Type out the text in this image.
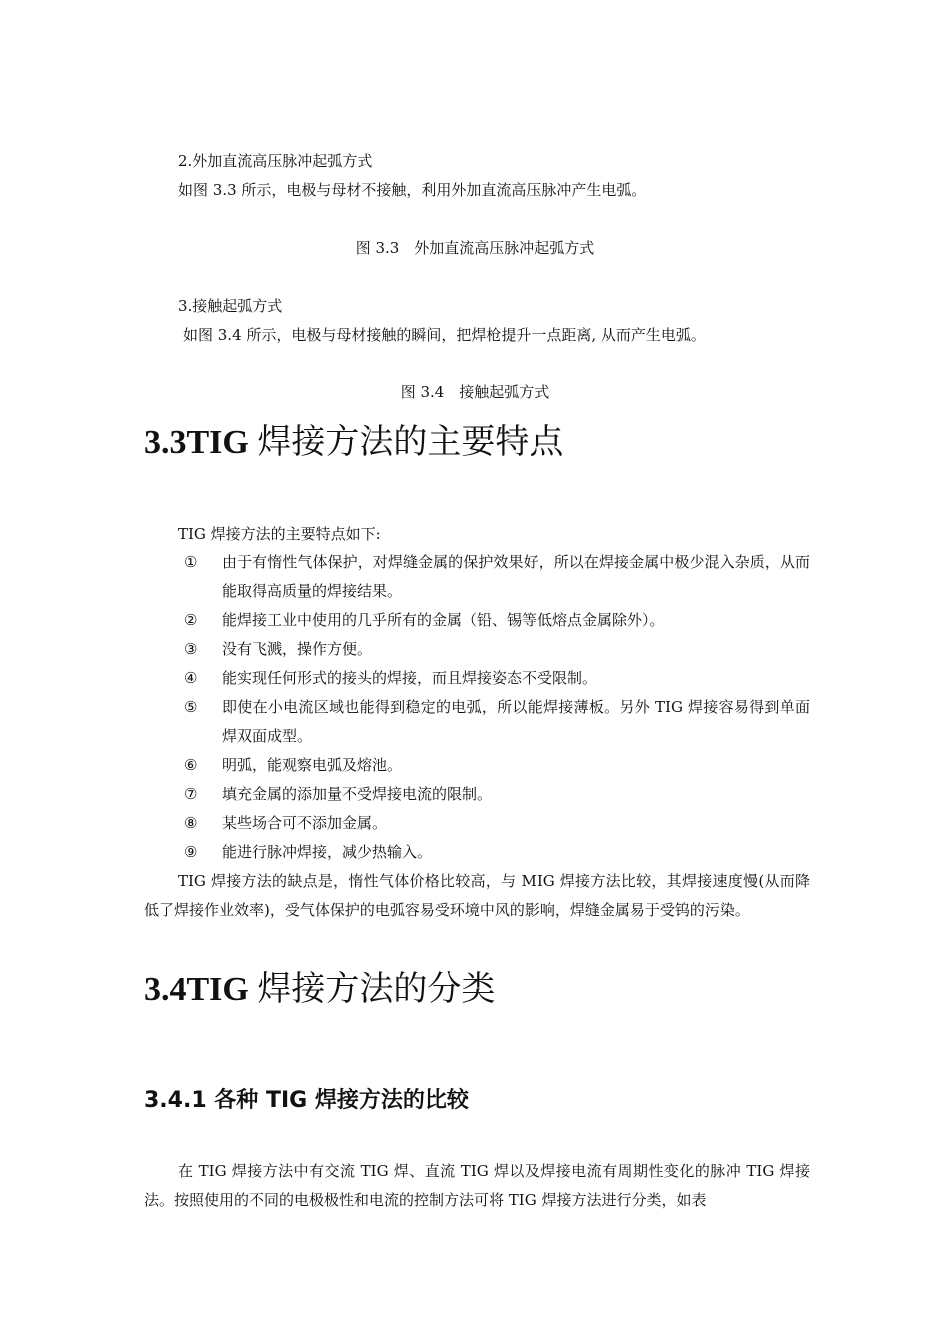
2.外加直流高压脉冲起弧方式
如图 3.3 所示，电极与母材不接触，利用外加直流高压脉冲产生电弧。
图 3.3　外加直流高压脉冲起弧方式
3.接触起弧方式
如图 3.4 所示，电极与母材接触的瞬间，把焊枪提升一点距离, 从而产生电弧。
图 3.4　接触起弧方式
3.3TIG 焊接方法的主要特点
TIG 焊接方法的主要特点如下:
① 由于有惰性气体保护，对焊缝金属的保护效果好，所以在焊接金属中极少混入杂质，从而能取得高质量的焊接结果。
② 能焊接工业中使用的几乎所有的金属（铅、锡等低熔点金属除外）。
③ 没有飞溅，操作方便。
④ 能实现任何形式的接头的焊接，而且焊接姿态不受限制。
⑤ 即使在小电流区域也能得到稳定的电弧，所以能焊接薄板。另外 TIG 焊接容易得到单面焊双面成型。
⑥ 明弧，能观察电弧及熔池。
⑦ 填充金属的添加量不受焊接电流的限制。
⑧ 某些场合可不添加金属。
⑨ 能进行脉冲焊接，减少热输入。
TIG 焊接方法的缺点是，惰性气体价格比较高，与 MIG 焊接方法比较，其焊接速度慢(从而降低了焊接作业效率)，受气体保护的电弧容易受环境中风的影响，焊缝金属易于受钨的污染。
3.4TIG 焊接方法的分类
3.4.1 各种 TIG 焊接方法的比较
在 TIG 焊接方法中有交流 TIG 焊、直流 TIG 焊以及焊接电流有周期性变化的脉冲 TIG 焊接法。按照使用的不同的电极极性和电流的控制方法可将 TIG 焊接方法进行分类，如表
